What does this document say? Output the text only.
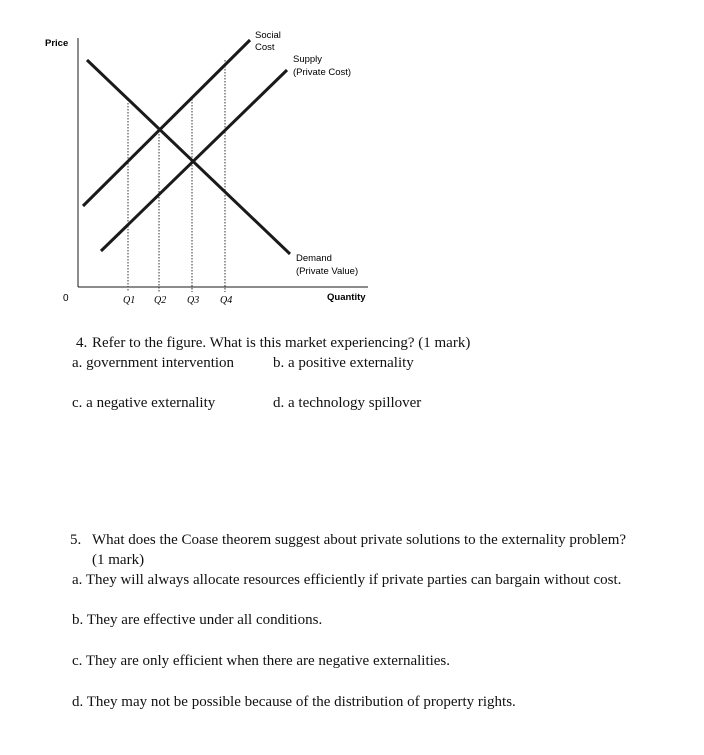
Price
0	Quantity
Q1 Q2 Q3 Q4
Social
Cost
Supply
(Private Cost)
Demand
(Private Value)
4. Refer to the figure. What is this market experiencing? (1 mark)
a. government intervention	b. a positive externality
c. a negative externality	d. a technology spillover
5. What does the Coase theorem suggest about private solutions to the externality problem?
(1 mark)
a. They will always allocate resources efficiently if private parties can bargain without cost.
b. They are effective under all conditions.
c. They are only efficient when there are negative externalities.
d. They may not be possible because of the distribution of property rights.
